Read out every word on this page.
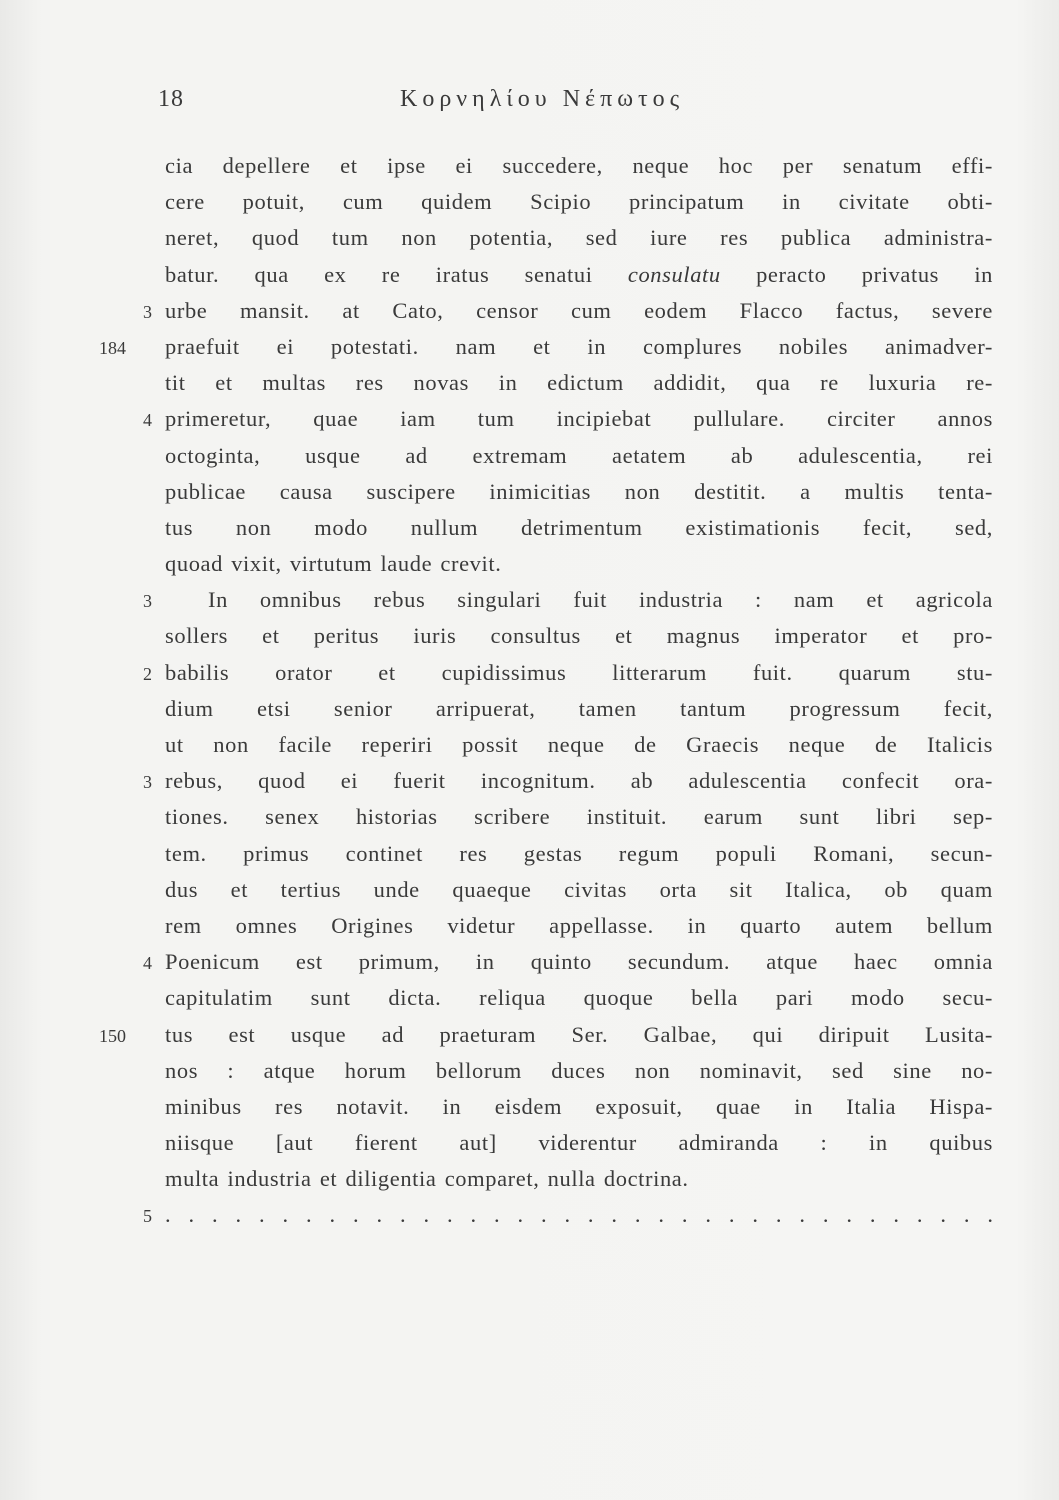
18	Κορνηλίου Νέπωτος
cia depellere et ipse ei succedere, neque hoc per senatum effi-
cere potuit, cum quidem Scipio principatum in civitate obti-
neret, quod tum non potentia, sed iure res publica administra-
batur. qua ex re iratus senatui consulatu peracto privatus in
3 urbe mansit. at Cato, censor cum eodem Flacco factus, severe
184 praefuit ei potestati. nam et in complures nobiles animadver-
tit et multas res novas in edictum addidit, qua re luxuria re-
4 primeretur, quae iam tum incipiebat pullulare. circiter annos
octoginta, usque ad extremam aetatem ab adulescentia, rei
publicae causa suscipere inimicitias non destitit. a multis tenta-
tus non modo nullum detrimentum existimationis fecit, sed,
quoad vixit, virtutum laude crevit.
3 In omnibus rebus singulari fuit industria : nam et agricola
sollers et peritus iuris consultus et magnus imperator et pro-
2 babilis orator et cupidissimus litterarum fuit. quarum stu-
dium etsi senior arripuerat, tamen tantum progressum fecit,
ut non facile reperiri possit neque de Graecis neque de Italicis
3 rebus, quod ei fuerit incognitum. ab adulescentia confecit ora-
tiones. senex historias scribere instituit. earum sunt libri sep-
tem. primus continet res gestas regum populi Romani, secun-
dus et tertius unde quaeque civitas orta sit Italica, ob quam
rem omnes Origines videtur appellasse. in quarto autem bellum
4 Poenicum est primum, in quinto secundum. atque haec omnia
capitulatim sunt dicta. reliqua quoque bella pari modo secu-
150 tus est usque ad praeturam Ser. Galbae, qui diripuit Lusita-
nos : atque horum bellorum duces non nominavit, sed sine no-
minibus res notavit. in eisdem exposuit, quae in Italia Hispa-
niisque [aut fierent aut] viderentur admiranda : in quibus
multa industria et diligentia comparet, nulla doctrina.
5 . . . . . . . . . . . . . . . . . . . . . . . . . . . . . . . . . . . .
